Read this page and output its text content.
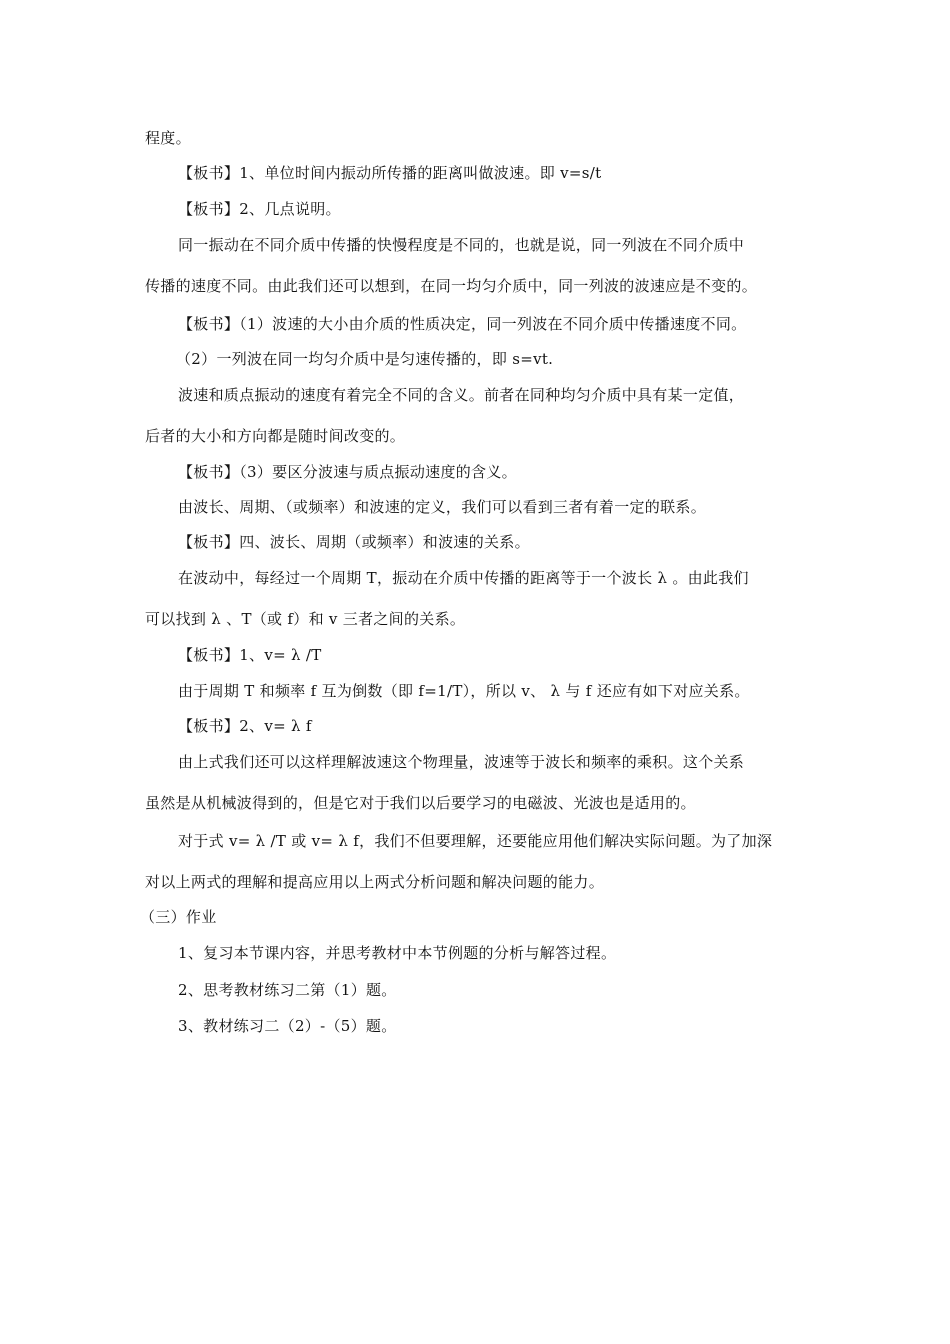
程度。
【板书】1、单位时间内振动所传播的距离叫做波速。即 v=s/t
【板书】2、几点说明。
同一振动在不同介质中传播的快慢程度是不同的，也就是说，同一列波在不同介质中
传播的速度不同。由此我们还可以想到，在同一均匀介质中，同一列波的波速应是不变的。
【板书】（1）波速的大小由介质的性质决定，同一列波在不同介质中传播速度不同。
（2）一列波在同一均匀介质中是匀速传播的，即 s=vt.
波速和质点振动的速度有着完全不同的含义。前者在同种均匀介质中具有某一定值，
后者的大小和方向都是随时间改变的。
【板书】（3）要区分波速与质点振动速度的含义。
由波长、周期、（或频率）和波速的定义，我们可以看到三者有着一定的联系。
【板书】四、波长、周期（或频率）和波速的关系。
在波动中，每经过一个周期 T，振动在介质中传播的距离等于一个波长 λ 。由此我们
可以找到 λ 、T（或 f）和 v 三者之间的关系。
【板书】1、v= λ /T
由于周期 T 和频率 f 互为倒数（即 f=1/T），所以 v、 λ 与 f 还应有如下对应关系。
【板书】2、v= λ f
由上式我们还可以这样理解波速这个物理量，波速等于波长和频率的乘积。这个关系
虽然是从机械波得到的，但是它对于我们以后要学习的电磁波、光波也是适用的。
对于式 v= λ /T 或 v= λ f，我们不但要理解，还要能应用他们解决实际问题。为了加深
对以上两式的理解和提高应用以上两式分析问题和解决问题的能力。
（三）作业
1、复习本节课内容，并思考教材中本节例题的分析与解答过程。
2、思考教材练习二第（1）题。
3、教材练习二（2）-（5）题。
